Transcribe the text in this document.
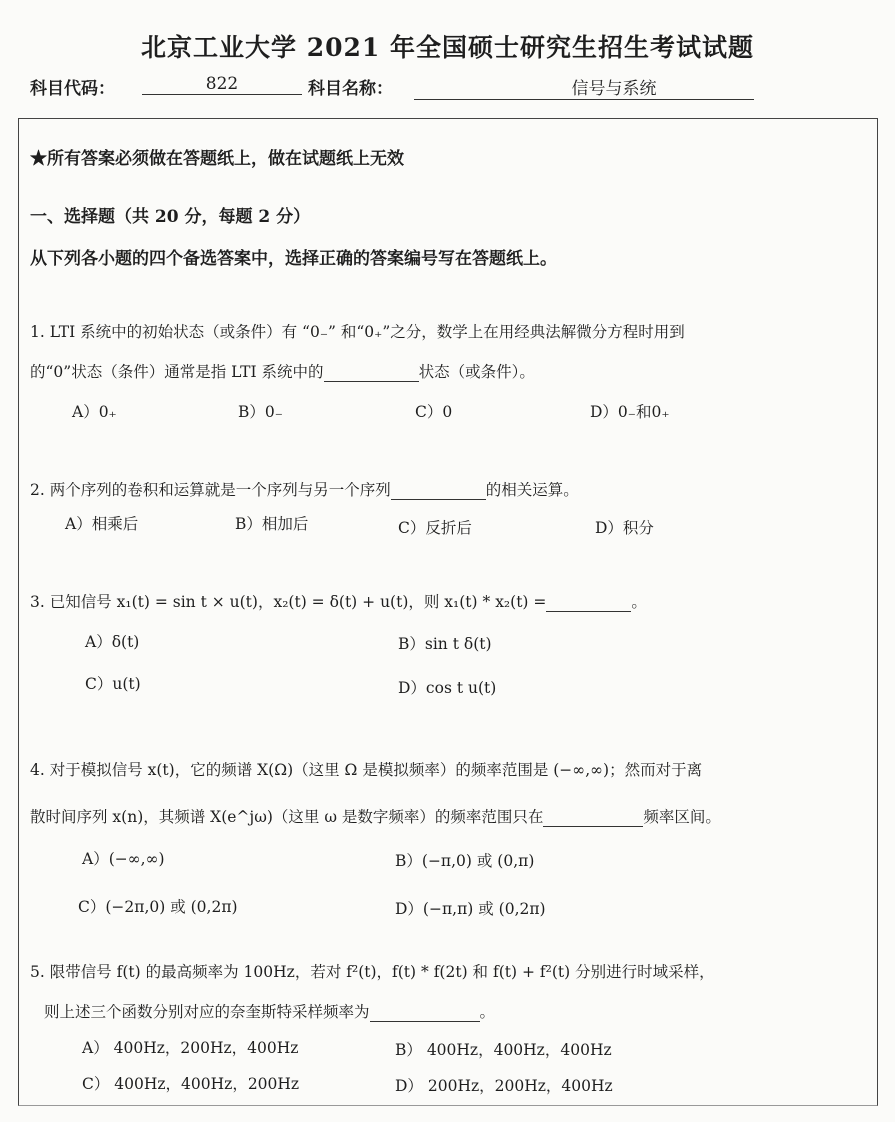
北京工业大学 2021 年全国硕士研究生招生考试试题
科目代码：	822	科目名称：	信号与系统
★所有答案必须做在答题纸上，做在试题纸上无效
一、选择题（共 20 分，每题 2 分）
从下列各小题的四个备选答案中，选择正确的答案编号写在答题纸上。
1. LTI 系统中的初始状态（或条件）有 “0₋” 和“0₊”之分，数学上在用经典法解微分方程时用到
的“0”状态（条件）通常是指 LTI 系统中的	状态（或条件）。
A）0₊	B）0₋	C）0	D）0₋和0₊
2. 两个序列的卷积和运算就是一个序列与另一个序列	的相关运算。
A）相乘后	B）相加后	C）反折后	D）积分
3. 已知信号 x₁(t) = sin t × u(t)，x₂(t) = δ(t) + u(t)，则 x₁(t) * x₂(t) =	。
A）δ(t)	B）sin t δ(t)
C）u(t)	D）cos t u(t)
4. 对于模拟信号 x(t)，它的频谱 X(Ω)（这里 Ω 是模拟频率）的频率范围是 (−∞,∞)；然而对于离
散时间序列 x(n)，其频谱 X(e^jω)（这里 ω 是数字频率）的频率范围只在	频率区间。
A）(−∞,∞)	B）(−π,0) 或 (0,π)
C）(−2π,0) 或 (0,2π)	D）(−π,π) 或 (0,2π)
5. 限带信号 f(t) 的最高频率为 100Hz，若对 f²(t)，f(t) * f(2t) 和 f(t) + f²(t) 分别进行时域采样，
则上述三个函数分别对应的奈奎斯特采样频率为	。
A） 400Hz，200Hz，400Hz	B） 400Hz，400Hz，400Hz
C） 400Hz，400Hz，200Hz	D） 200Hz，200Hz，400Hz
